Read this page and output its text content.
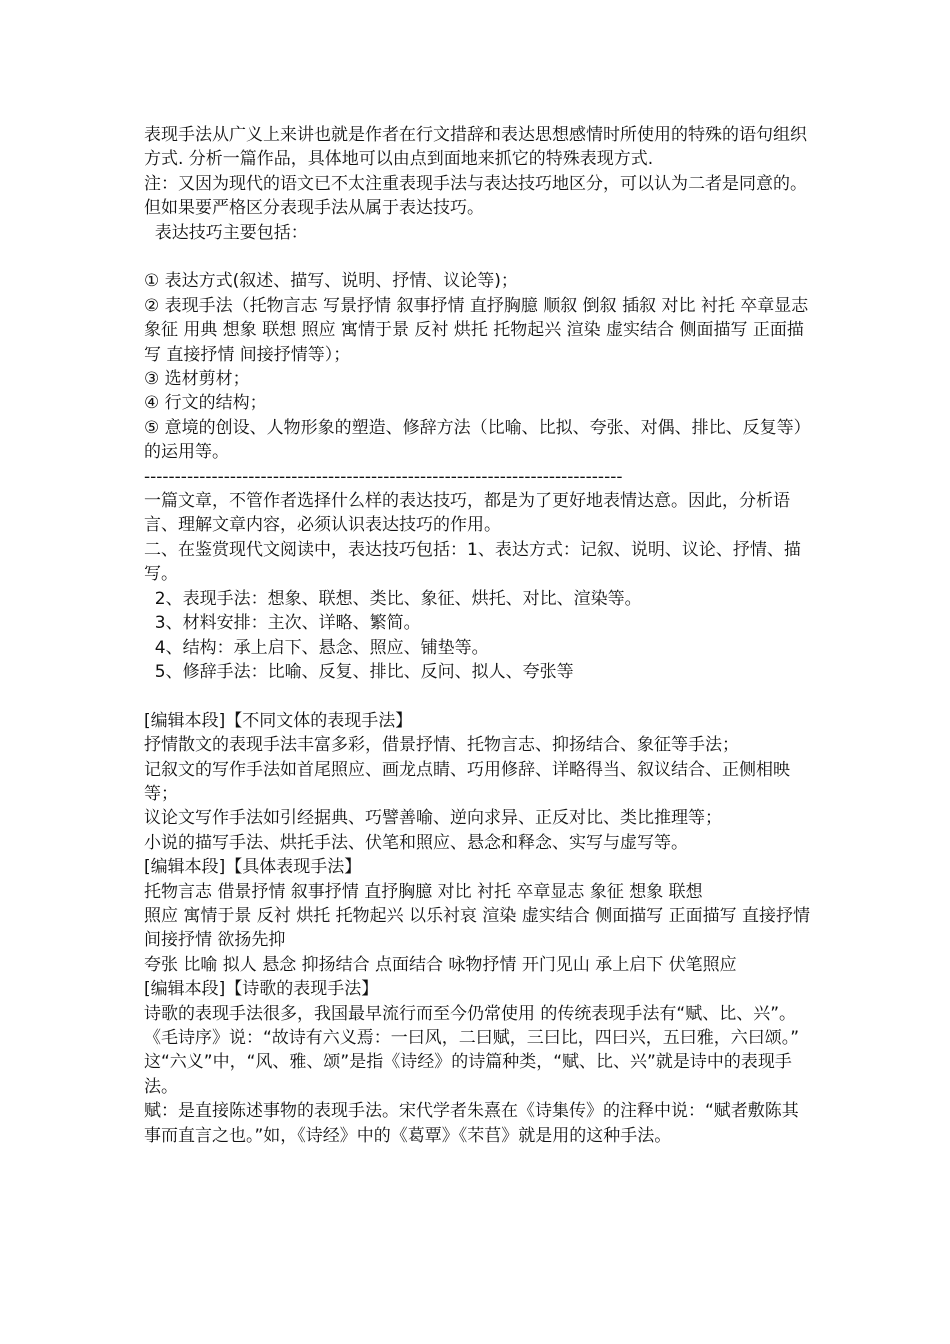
表现手法从广义上来讲也就是作者在行文措辞和表达思想感情时所使用的特殊的语句组织方式. 分析一篇作品，具体地可以由点到面地来抓它的特殊表现方式.

注：又因为现代的语文已不太注重表现手法与表达技巧地区分，可以认为二者是同意的。但如果要严格区分表现手法从属于表达技巧。

表达技巧主要包括：

① 表达方式(叙述、描写、说明、抒情、议论等)；

② 表现手法（托物言志 写景抒情 叙事抒情 直抒胸臆 顺叙 倒叙 插叙 对比 衬托 卒章显志 象征 用典 想象 联想 照应 寓情于景 反衬 烘托 托物起兴 渲染 虚实结合 侧面描写 正面描写 直接抒情 间接抒情等）；

③ 选材剪材；

④ 行文的结构；

⑤ 意境的创设、人物形象的塑造、修辞方法（比喻、比拟、夸张、对偶、排比、反复等）的运用等。

------------------------------------------------------------------------------

一篇文章，不管作者选择什么样的表达技巧，都是为了更好地表情达意。因此，分析语言、理解文章内容，必须认识表达技巧的作用。

二、在鉴赏现代文阅读中，表达技巧包括：1、表达方式：记叙、说明、议论、抒情、描写。

2、表现手法：想象、联想、类比、象征、烘托、对比、渲染等。

3、材料安排：主次、详略、繁简。

4、结构：承上启下、悬念、照应、铺垫等。

5、修辞手法：比喻、反复、排比、反问、拟人、夸张等

[编辑本段]【不同文体的表现手法】

抒情散文的表现手法丰富多彩，借景抒情、托物言志、抑扬结合、象征等手法；

记叙文的写作手法如首尾照应、画龙点睛、巧用修辞、详略得当、叙议结合、正侧相映等；

议论文写作手法如引经据典、巧譬善喻、逆向求异、正反对比、类比推理等；

小说的描写手法、烘托手法、伏笔和照应、悬念和释念、实写与虚写等。

[编辑本段]【具体表现手法】

托物言志 借景抒情 叙事抒情 直抒胸臆 对比 衬托 卒章显志 象征 想象 联想

照应 寓情于景 反衬 烘托 托物起兴 以乐衬哀 渲染 虚实结合 侧面描写 正面描写 直接抒情 间接抒情 欲扬先抑

夸张 比喻 拟人 悬念 抑扬结合 点面结合 咏物抒情 开门见山 承上启下 伏笔照应

[编辑本段]【诗歌的表现手法】

诗歌的表现手法很多，我国最早流行而至今仍常使用 的传统表现手法有“赋、比、兴”。《毛诗序》说：“故诗有六义焉：一曰风，二曰赋，三曰比，四曰兴，五曰雅，六曰颂。”

这“六义”中，“风、雅、颂”是指《诗经》的诗篇种类，“赋、比、兴”就是诗中的表现手法。

赋：是直接陈述事物的表现手法。宋代学者朱熹在《诗集传》的注释中说：“赋者敷陈其事而直言之也。”如，《诗经》中的《葛覃》《芣苢》就是用的这种手法。
